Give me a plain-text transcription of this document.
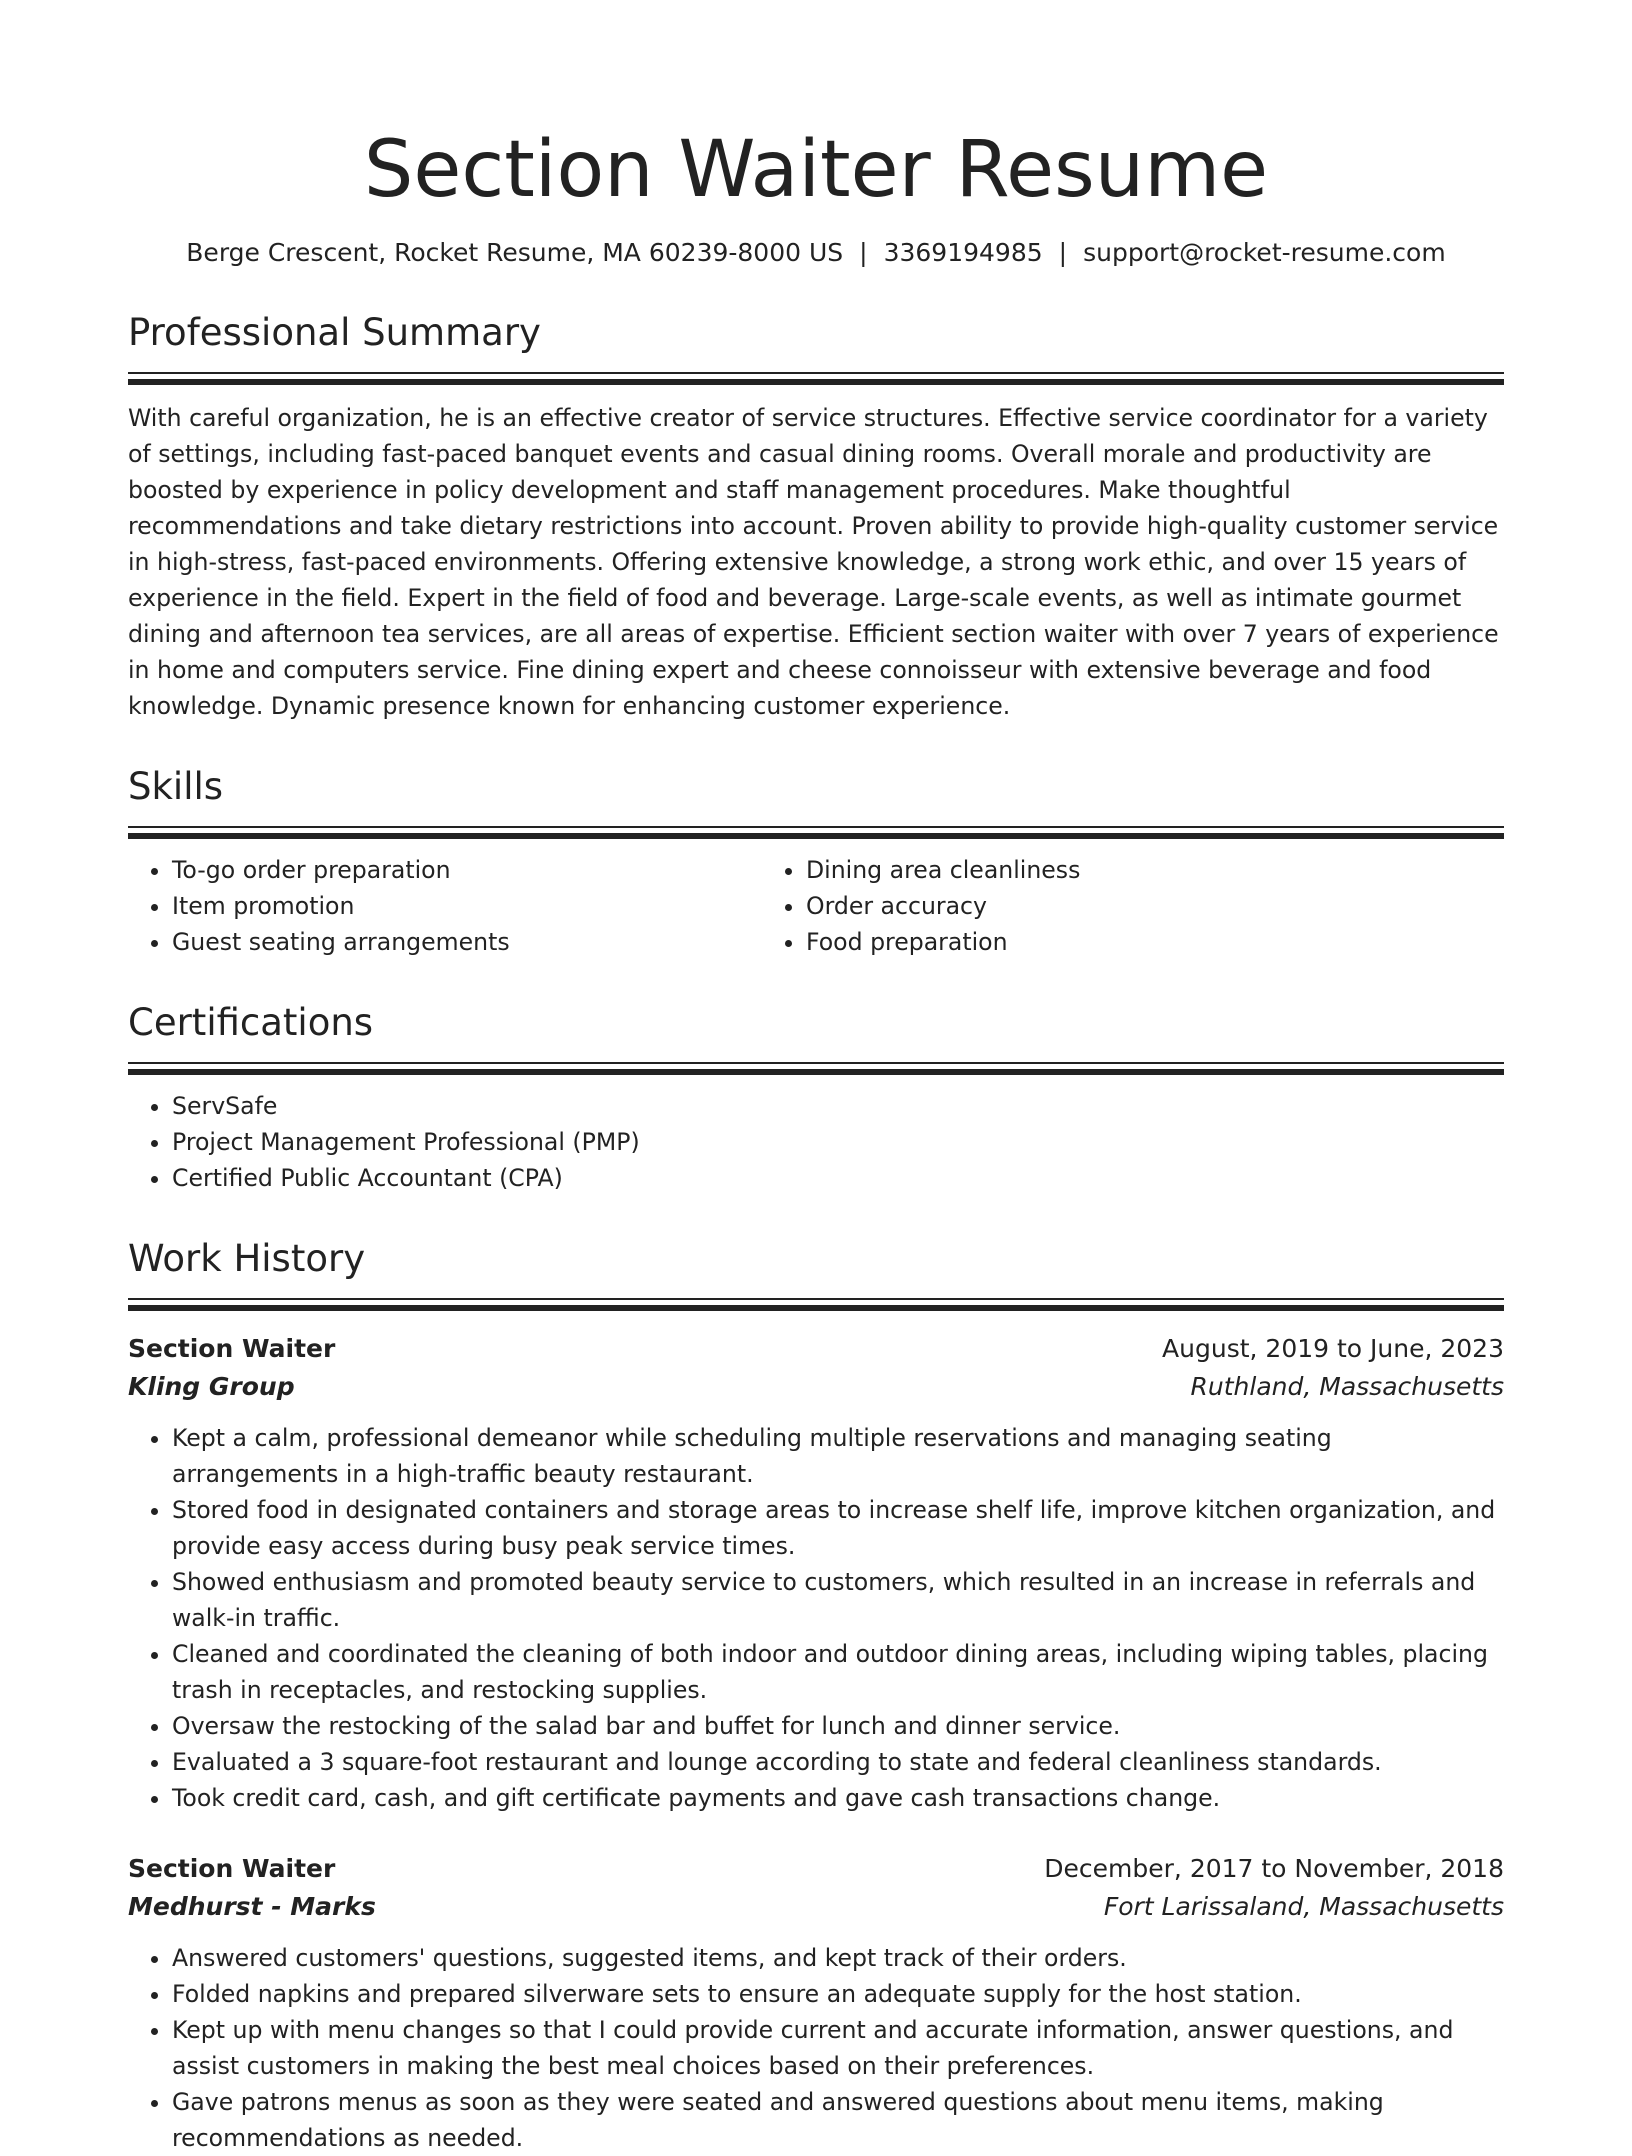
Section Waiter Resume
Berge Crescent, Rocket Resume, MA 60239-8000 US | 3369194985 | support@rocket-resume.com
Professional Summary
With careful organization, he is an effective creator of service structures. Effective service coordinator for a variety of settings, including fast-paced banquet events and casual dining rooms. Overall morale and productivity are boosted by experience in policy development and staff management procedures. Make thoughtful recommendations and take dietary restrictions into account. Proven ability to provide high-quality customer service in high-stress, fast-paced environments. Offering extensive knowledge, a strong work ethic, and over 15 years of experience in the field. Expert in the field of food and beverage. Large-scale events, as well as intimate gourmet dining and afternoon tea services, are all areas of expertise. Efficient section waiter with over 7 years of experience in home and computers service. Fine dining expert and cheese connoisseur with extensive beverage and food knowledge. Dynamic presence known for enhancing customer experience.
Skills
• To-go order preparation
• Item promotion
• Guest seating arrangements
• Dining area cleanliness
• Order accuracy
• Food preparation
Certifications
• ServSafe
• Project Management Professional (PMP)
• Certified Public Accountant (CPA)
Work History
Section Waiter	August, 2019 to June, 2023
Kling Group	Ruthland, Massachusetts
• Kept a calm, professional demeanor while scheduling multiple reservations and managing seating arrangements in a high-traffic beauty restaurant.
• Stored food in designated containers and storage areas to increase shelf life, improve kitchen organization, and provide easy access during busy peak service times.
• Showed enthusiasm and promoted beauty service to customers, which resulted in an increase in referrals and walk-in traffic.
• Cleaned and coordinated the cleaning of both indoor and outdoor dining areas, including wiping tables, placing trash in receptacles, and restocking supplies.
• Oversaw the restocking of the salad bar and buffet for lunch and dinner service.
• Evaluated a 3 square-foot restaurant and lounge according to state and federal cleanliness standards.
• Took credit card, cash, and gift certificate payments and gave cash transactions change.
Section Waiter	December, 2017 to November, 2018
Medhurst - Marks	Fort Larissaland, Massachusetts
• Answered customers' questions, suggested items, and kept track of their orders.
• Folded napkins and prepared silverware sets to ensure an adequate supply for the host station.
• Kept up with menu changes so that I could provide current and accurate information, answer questions, and assist customers in making the best meal choices based on their preferences.
• Gave patrons menus as soon as they were seated and answered questions about menu items, making recommendations as needed.
